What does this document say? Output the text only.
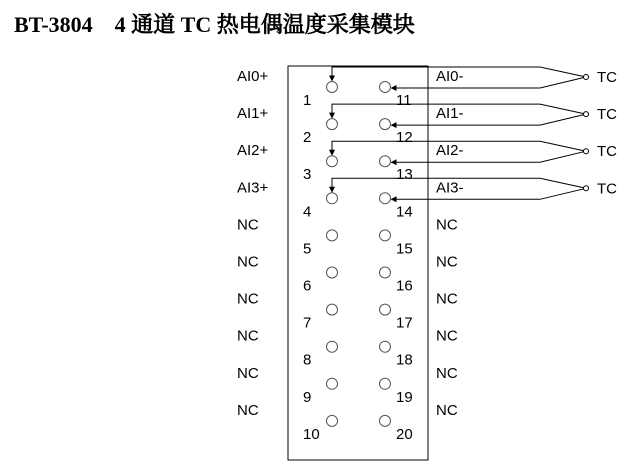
BT-3804    4 通道 TC 热电偶温度采集模块
1
AI0+
2
AI1+
3
AI2+
4
AI3+
5
NC
6
NC
7
NC
8
NC
9
NC
10
NC
11
AI0-
12
AI1-
13
AI2-
14
AI3-
15
NC
16
NC
17
NC
18
NC
19
NC
20
NC
TC
TC
TC
TC
